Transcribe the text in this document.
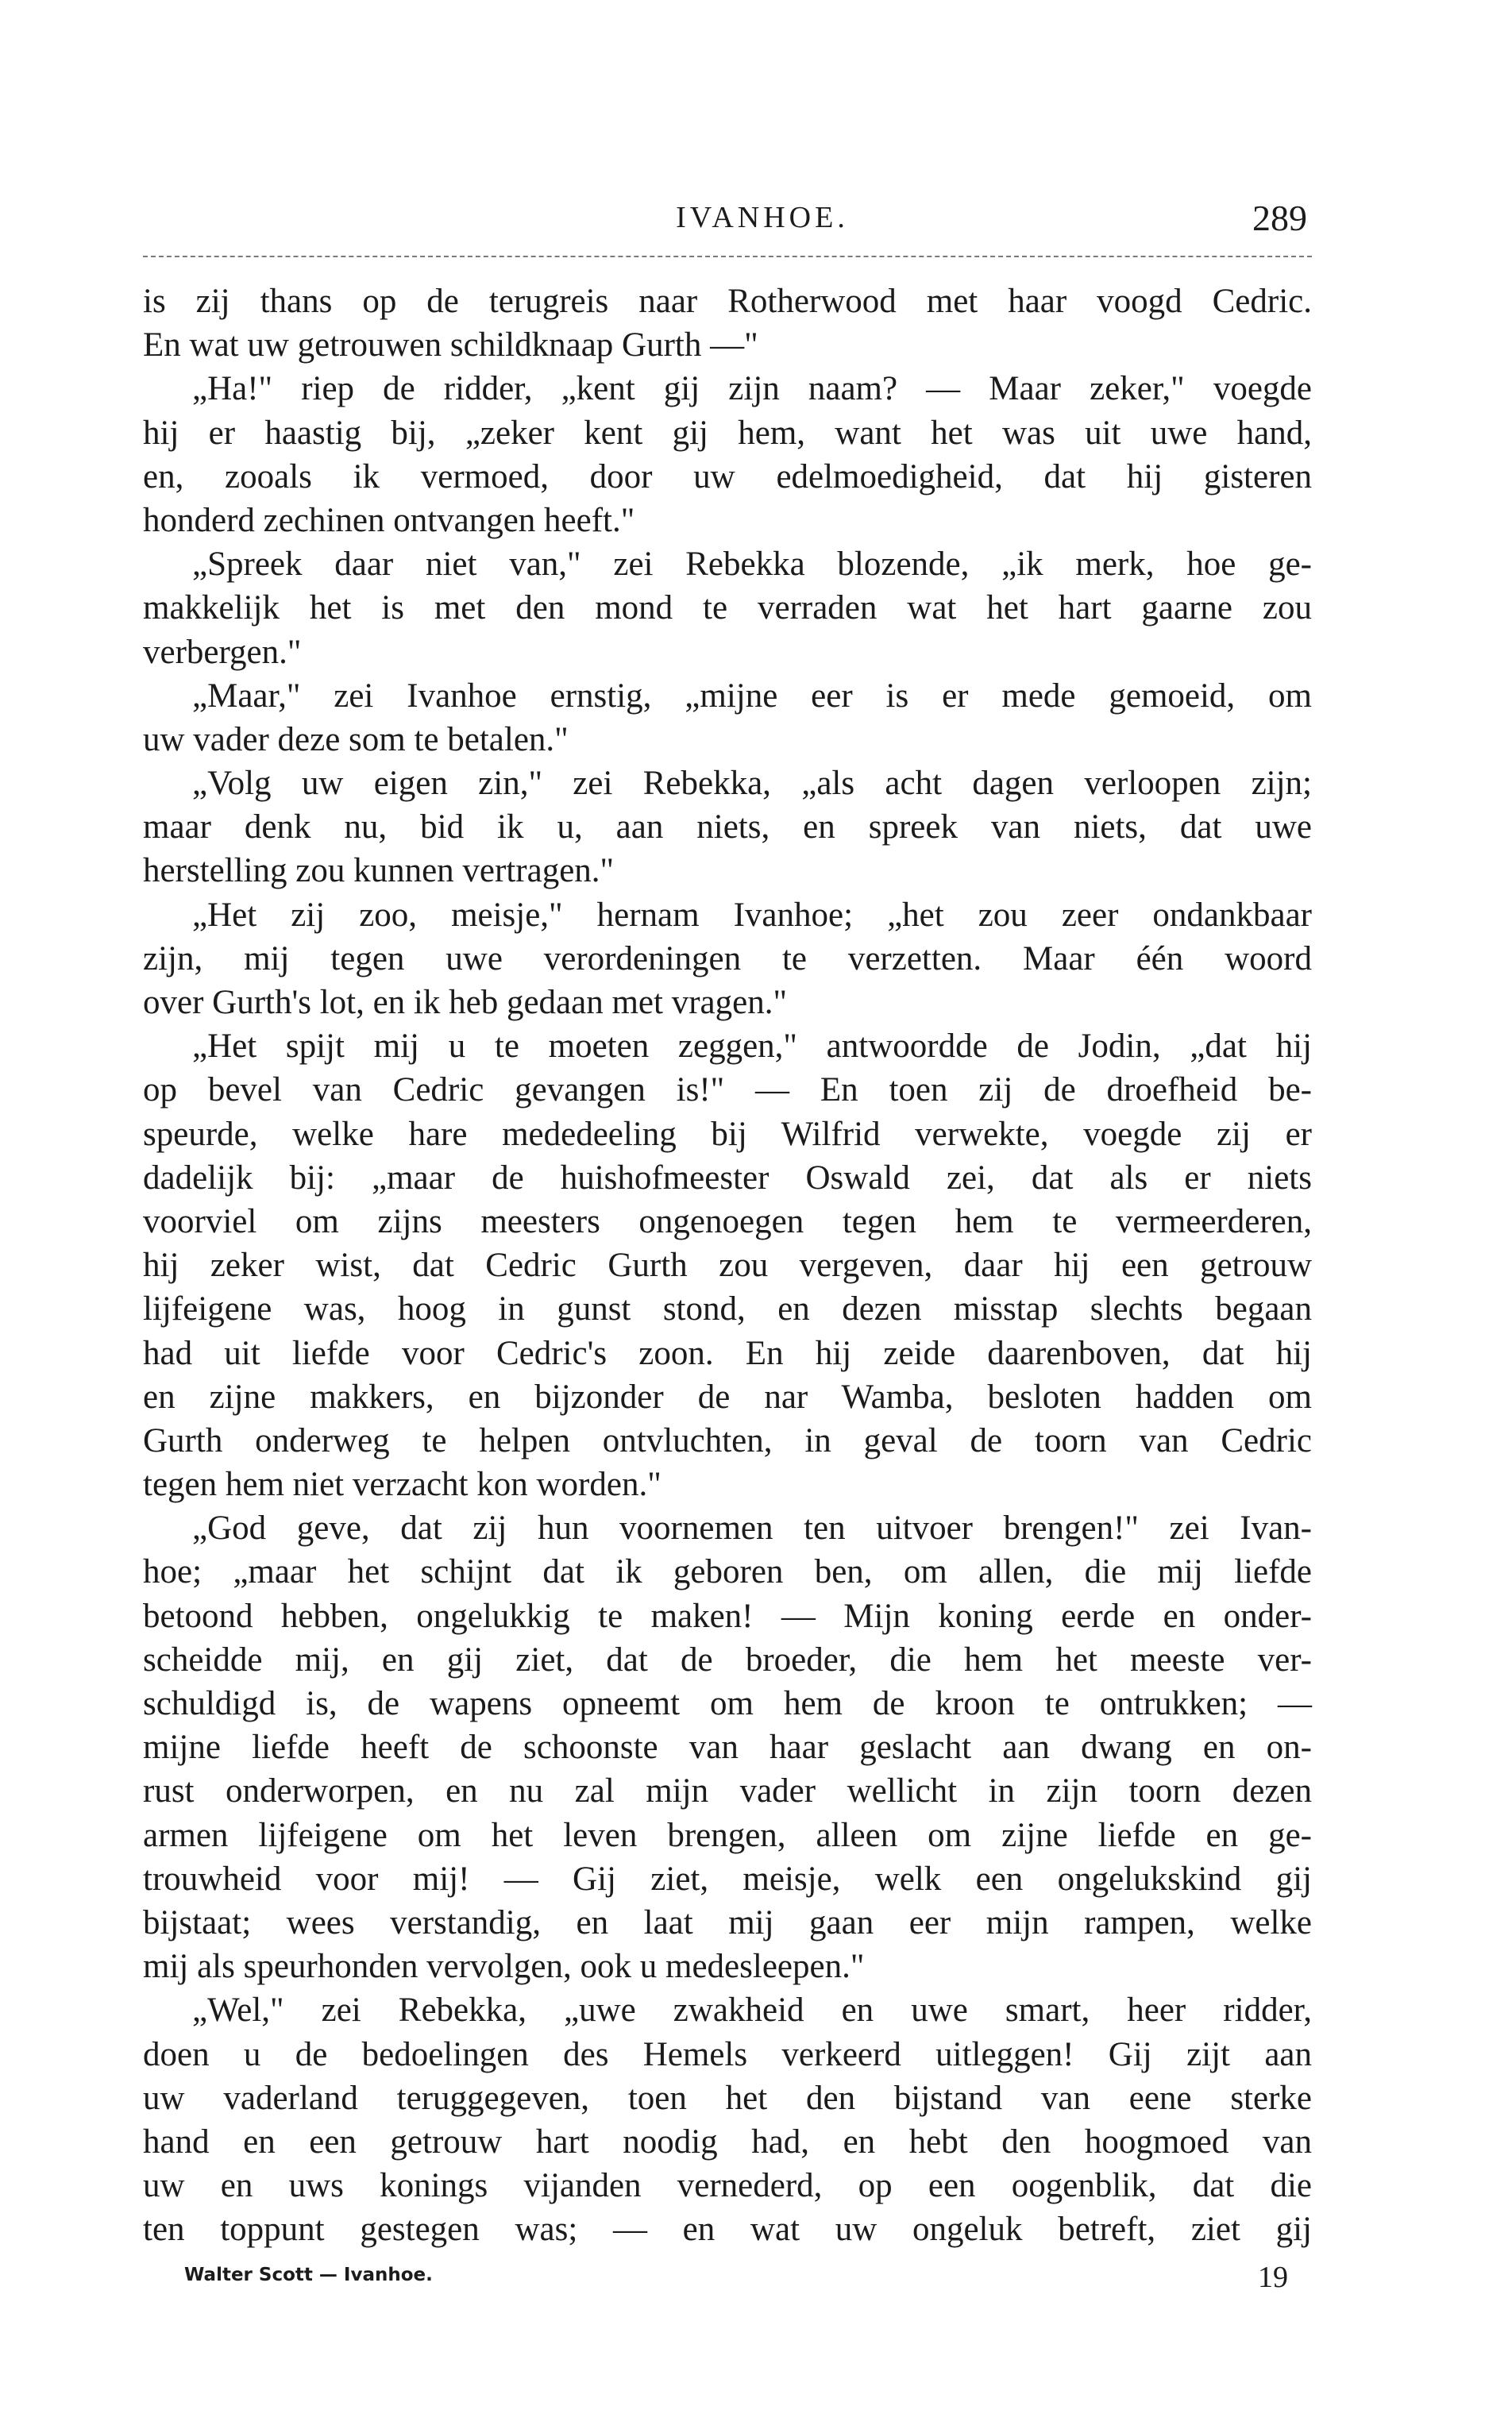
IVANHOE.	289
is zij thans op de terugreis naar Rotherwood met haar voogd Cedric.
En wat uw getrouwen schildknaap Gurth —"
„Ha!" riep de ridder, „kent gij zijn naam? — Maar zeker," voegde
hij er haastig bij, „zeker kent gij hem, want het was uit uwe hand,
en, zooals ik vermoed, door uw edelmoedigheid, dat hij gisteren
honderd zechinen ontvangen heeft."
„Spreek daar niet van," zei Rebekka blozende, „ik merk, hoe ge-
makkelijk het is met den mond te verraden wat het hart gaarne zou
verbergen."
„Maar," zei Ivanhoe ernstig, „mijne eer is er mede gemoeid, om
uw vader deze som te betalen."
„Volg uw eigen zin," zei Rebekka, „als acht dagen verloopen zijn;
maar denk nu, bid ik u, aan niets, en spreek van niets, dat uwe
herstelling zou kunnen vertragen."
„Het zij zoo, meisje," hernam Ivanhoe; „het zou zeer ondankbaar
zijn, mij tegen uwe verordeningen te verzetten. Maar één woord
over Gurth's lot, en ik heb gedaan met vragen."
„Het spijt mij u te moeten zeggen," antwoordde de Jodin, „dat hij
op bevel van Cedric gevangen is!" — En toen zij de droefheid be-
speurde, welke hare mededeeling bij Wilfrid verwekte, voegde zij er
dadelijk bij: „maar de huishofmeester Oswald zei, dat als er niets
voorviel om zijns meesters ongenoegen tegen hem te vermeerderen,
hij zeker wist, dat Cedric Gurth zou vergeven, daar hij een getrouw
lijfeigene was, hoog in gunst stond, en dezen misstap slechts begaan
had uit liefde voor Cedric's zoon. En hij zeide daarenboven, dat hij
en zijne makkers, en bijzonder de nar Wamba, besloten hadden om
Gurth onderweg te helpen ontvluchten, in geval de toorn van Cedric
tegen hem niet verzacht kon worden."
„God geve, dat zij hun voornemen ten uitvoer brengen!" zei Ivan-
hoe; „maar het schijnt dat ik geboren ben, om allen, die mij liefde
betoond hebben, ongelukkig te maken! — Mijn koning eerde en onder-
scheidde mij, en gij ziet, dat de broeder, die hem het meeste ver-
schuldigd is, de wapens opneemt om hem de kroon te ontrukken; —
mijne liefde heeft de schoonste van haar geslacht aan dwang en on-
rust onderworpen, en nu zal mijn vader wellicht in zijn toorn dezen
armen lijfeigene om het leven brengen, alleen om zijne liefde en ge-
trouwheid voor mij! — Gij ziet, meisje, welk een ongelukskind gij
bijstaat; wees verstandig, en laat mij gaan eer mijn rampen, welke
mij als speurhonden vervolgen, ook u medesleepen."
„Wel," zei Rebekka, „uwe zwakheid en uwe smart, heer ridder,
doen u de bedoelingen des Hemels verkeerd uitleggen! Gij zijt aan
uw vaderland teruggegeven, toen het den bijstand van eene sterke
hand en een getrouw hart noodig had, en hebt den hoogmoed van
uw en uws konings vijanden vernederd, op een oogenblik, dat die
ten toppunt gestegen was; — en wat uw ongeluk betreft, ziet gij
Walter Scott — Ivanhoe.	19
